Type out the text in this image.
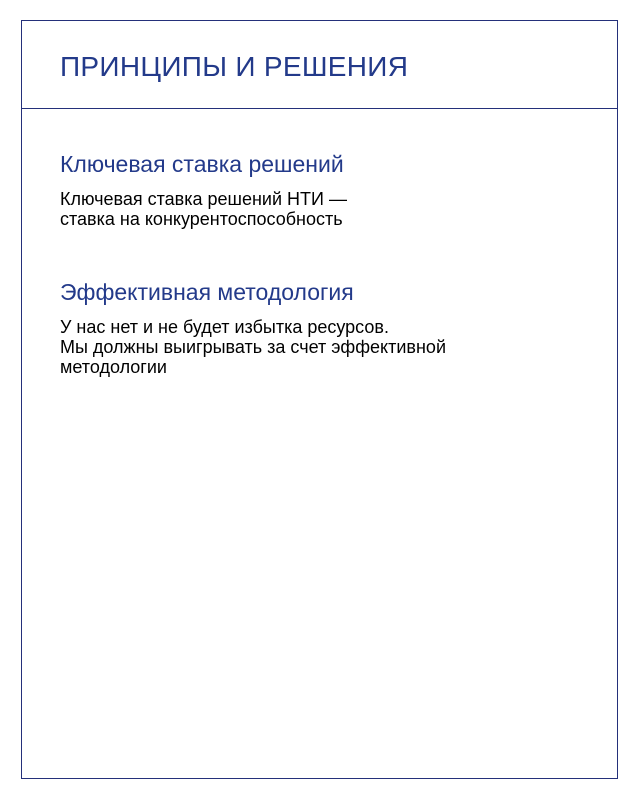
ПРИНЦИПЫ И РЕШЕНИЯ
Ключевая ставка решений

Ключевая ставка решений НТИ —
ставка на конкурентоспособность

Эффективная методология

У нас нет и не будет избытка ресурсов.
Мы должны выигрывать за счет эффективной
методологии
